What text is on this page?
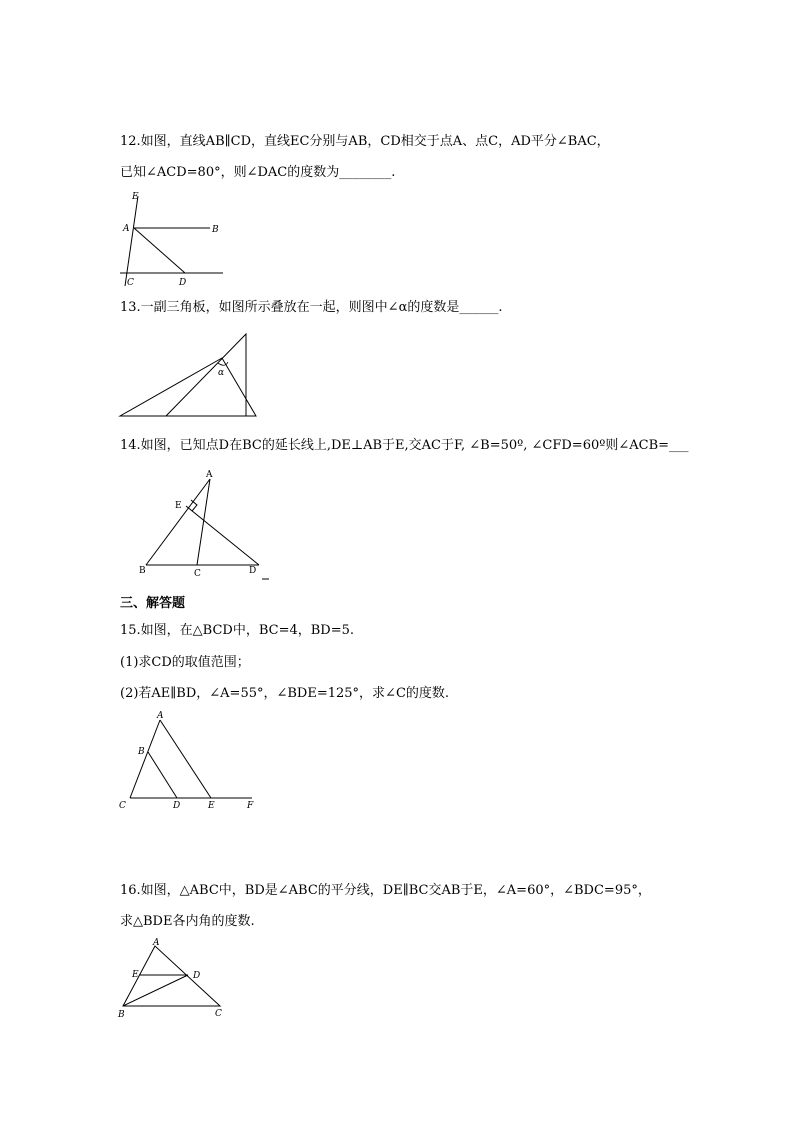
12.如图，直线AB∥CD，直线EC分别与AB，CD相交于点A、点C，AD平分∠BAC，
已知∠ACD=80°，则∠DAC的度数为________.
E
A	B
C	D
13.一副三角板，如图所示叠放在一起，则图中∠α的度数是______.
α
14.如图，已知点D在BC的延长线上,DE⊥AB于E,交AC于F, ∠B=50º, ∠CFD=60º则∠ACB=___
A
E
B	C	D
三、解答题
15.如图，在△BCD中，BC=4，BD=5.
(1)求CD的取值范围；
(2)若AE∥BD，∠A=55°，∠BDE=125°，求∠C的度数.
A
B
C	D	E	F
16.如图，△ABC中，BD是∠ABC的平分线，DE∥BC交AB于E，∠A=60°，∠BDC=95°，
求△BDE各内角的度数.
A
E	D
B	C
